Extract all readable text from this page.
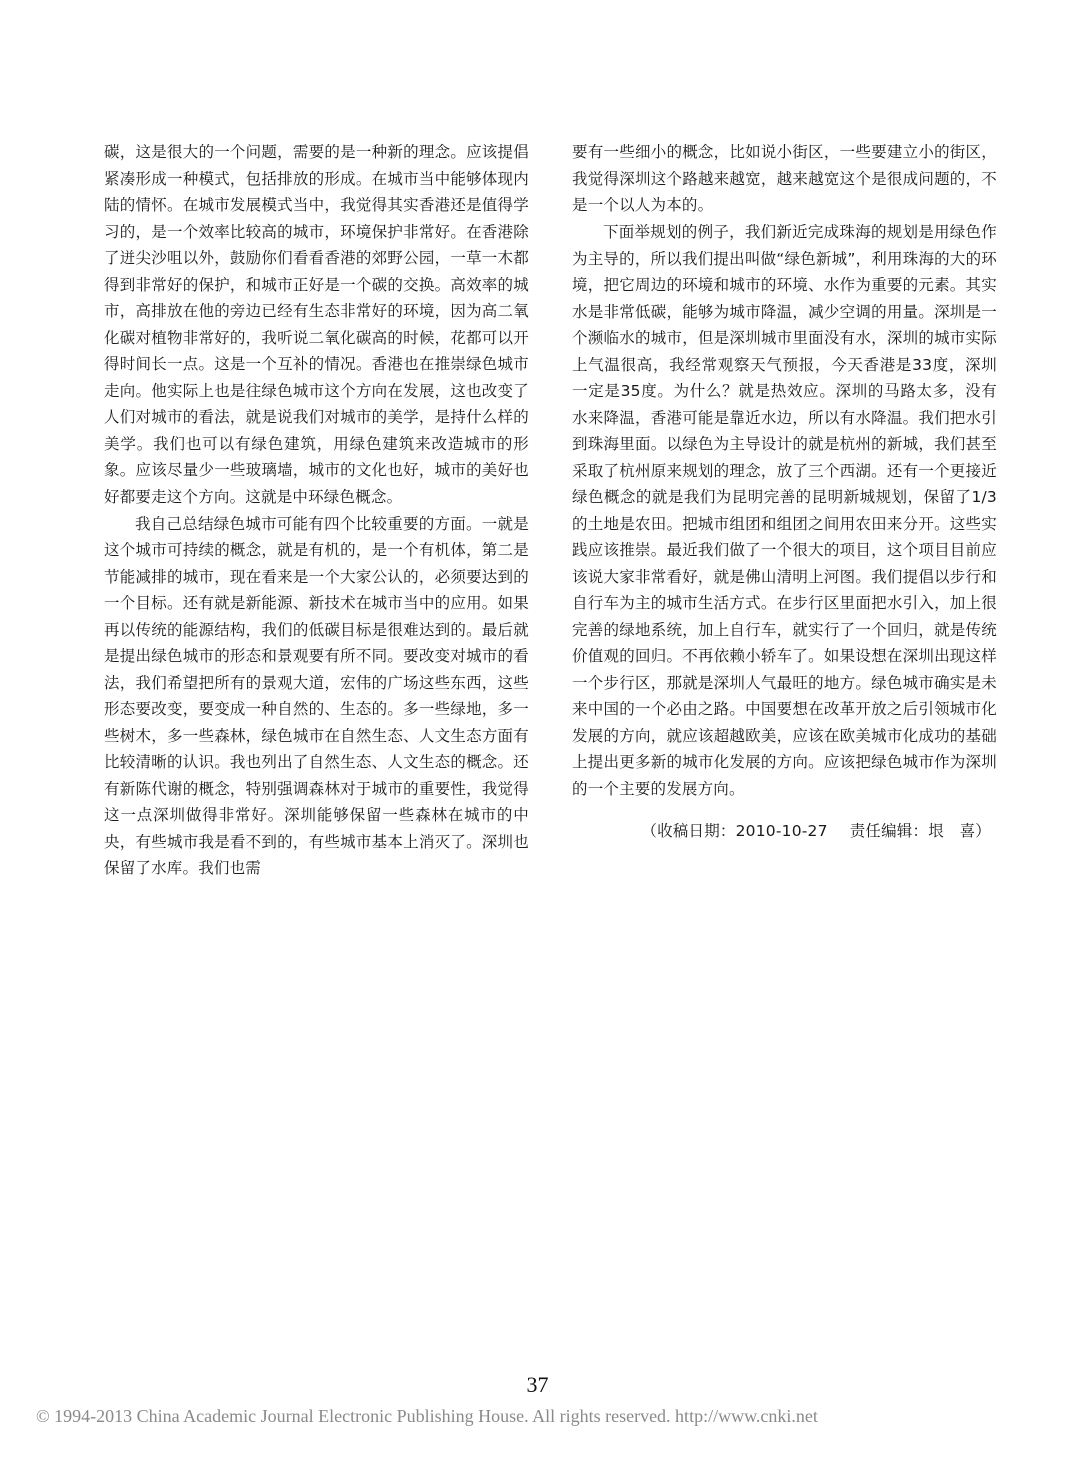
碳，这是很大的一个问题，需要的是一种新的理念。应该提倡紧凑形成一种模式，包括排放的形成。在城市当中能够体现内陆的情怀。在城市发展模式当中，我觉得其实香港还是值得学习的，是一个效率比较高的城市，环境保护非常好。在香港除了迸尖沙咀以外，鼓励你们看看香港的郊野公园，一草一木都得到非常好的保护，和城市正好是一个碳的交换。高效率的城市，高排放在他的旁边已经有生态非常好的环境，因为高二氧化碳对植物非常好的，我听说二氧化碳高的时候，花都可以开得时间长一点。这是一个互补的情况。香港也在推崇绿色城市走向。他实际上也是往绿色城市这个方向在发展，这也改变了人们对城市的看法，就是说我们对城市的美学，是持什么样的美学。我们也可以有绿色建筑，用绿色建筑来改造城市的形象。应该尽量少一些玻璃墙，城市的文化也好，城市的美好也好都要走这个方向。这就是中环绿色概念。

我自己总结绿色城市可能有四个比较重要的方面。一就是这个城市可持续的概念，就是有机的，是一个有机体，第二是节能减排的城市，现在看来是一个大家公认的，必须要达到的一个目标。还有就是新能源、新技术在城市当中的应用。如果再以传统的能源结构，我们的低碳目标是很难达到的。最后就是提出绿色城市的形态和景观要有所不同。要改变对城市的看法，我们希望把所有的景观大道，宏伟的广场这些东西，这些形态要改变，要变成一种自然的、生态的。多一些绿地，多一些树木，多一些森林，绿色城市在自然生态、人文生态方面有比较清晰的认识。我也列出了自然生态、人文生态的概念。还有新陈代谢的概念，特别强调森林对于城市的重要性，我觉得这一点深圳做得非常好。深圳能够保留一些森林在城市的中央，有些城市我是看不到的，有些城市基本上消灭了。深圳也保留了水库。我们也需

要有一些细小的概念，比如说小街区，一些要建立小的街区，我觉得深圳这个路越来越宽，越来越宽这个是很成问题的，不是一个以人为本的。

下面举规划的例子，我们新近完成珠海的规划是用绿色作为主导的，所以我们提出叫做“绿色新城”，利用珠海的大的环境，把它周边的环境和城市的环境、水作为重要的元素。其实水是非常低碳，能够为城市降温，减少空调的用量。深圳是一个濒临水的城市，但是深圳城市里面没有水，深圳的城市实际上气温很高，我经常观察天气预报，今天香港是33度，深圳一定是35度。为什么？就是热效应。深圳的马路太多，没有水来降温，香港可能是靠近水边，所以有水降温。我们把水引到珠海里面。以绿色为主导设计的就是杭州的新城，我们甚至采取了杭州原来规划的理念，放了三个西湖。还有一个更接近绿色概念的就是我们为昆明完善的昆明新城规划，保留了1/3的土地是农田。把城市组团和组团之间用农田来分开。这些实践应该推崇。最近我们做了一个很大的项目，这个项目目前应该说大家非常看好，就是佛山清明上河图。我们提倡以步行和自行车为主的城市生活方式。在步行区里面把水引入，加上很完善的绿地系统，加上自行车，就实行了一个回归，就是传统价值观的回归。不再依赖小轿车了。如果设想在深圳出现这样一个步行区，那就是深圳人气最旺的地方。绿色城市确实是未来中国的一个必由之路。中国要想在改革开放之后引领城市化发展的方向，就应该超越欧美，应该在欧美城市化成功的基础上提出更多新的城市化发展的方向。应该把绿色城市作为深圳的一个主要的发展方向。

（收稿日期：2010-10-27 责任编辑：垠　喜）

37
© 1994-2013 China Academic Journal Electronic Publishing House. All rights reserved. http://www.cnki.net
